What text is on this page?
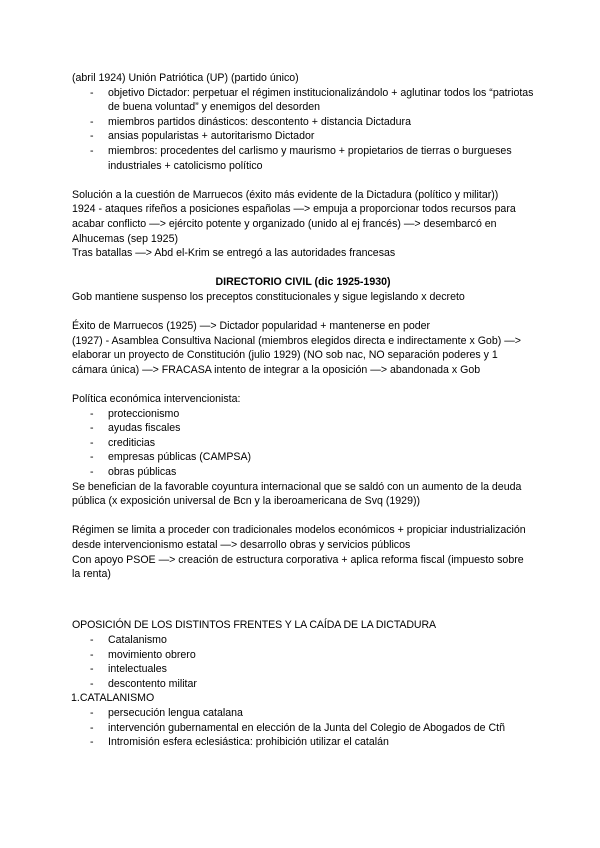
(abril 1924) Unión Patriótica (UP) (partido único)

- objetivo Dictador: perpetuar el régimen institucionalizándolo + aglutinar todos los “patriotas de buena voluntad” y enemigos del desorden
- miembros partidos dinásticos: descontento + distancia Dictadura
- ansias popularistas + autoritarismo Dictador
- miembros: procedentes del carlismo y maurismo + propietarios de tierras o burgueses industriales + catolicismo político

Solución a la cuestión de Marruecos (éxito más evidente de la Dictadura (político y militar))

1924 - ataques rifeños a posiciones españolas —> empuja a proporcionar todos recursos para acabar conflicto —> ejército potente y organizado (unido al ej francés) —> desembarcó en Alhucemas (sep 1925)

Tras batallas —> Abd el-Krim se entregó a las autoridades francesas

DIRECTORIO CIVIL (dic 1925-1930)

Gob mantiene suspenso los preceptos constitucionales y sigue legislando x decreto

Éxito de Marruecos (1925) —> Dictador popularidad + mantenerse en poder

(1927) - Asamblea Consultiva Nacional (miembros elegidos directa e indirectamente x Gob) —> elaborar un proyecto de Constitución (julio 1929) (NO sob nac, NO separación poderes y 1 cámara única) —> FRACASA intento de integrar a la oposición —> abandonada x Gob

Política económica intervencionista:

- proteccionismo
- ayudas fiscales
- crediticias
- empresas públicas (CAMPSA)
- obras públicas

Se benefician de la favorable coyuntura internacional que se saldó con un aumento de la deuda pública (x exposición universal de Bcn y la iberoamericana de Svq (1929))

Régimen se limita a proceder con tradicionales modelos económicos + propiciar industrialización desde intervencionismo estatal —> desarrollo obras y servicios públicos

Con apoyo PSOE —> creación de estructura corporativa + aplica reforma fiscal (impuesto sobre la renta)

OPOSICIÓN DE LOS DISTINTOS FRENTES Y LA CAÍDA DE LA DICTADURA

- Catalanismo
- movimiento obrero
- intelectuales
- descontento militar

1.CATALANISMO

- persecución lengua catalana
- intervención gubernamental en elección de la Junta del Colegio de Abogados de Ctñ
- Intromisión esfera eclesiástica: prohibición utilizar el catalán
